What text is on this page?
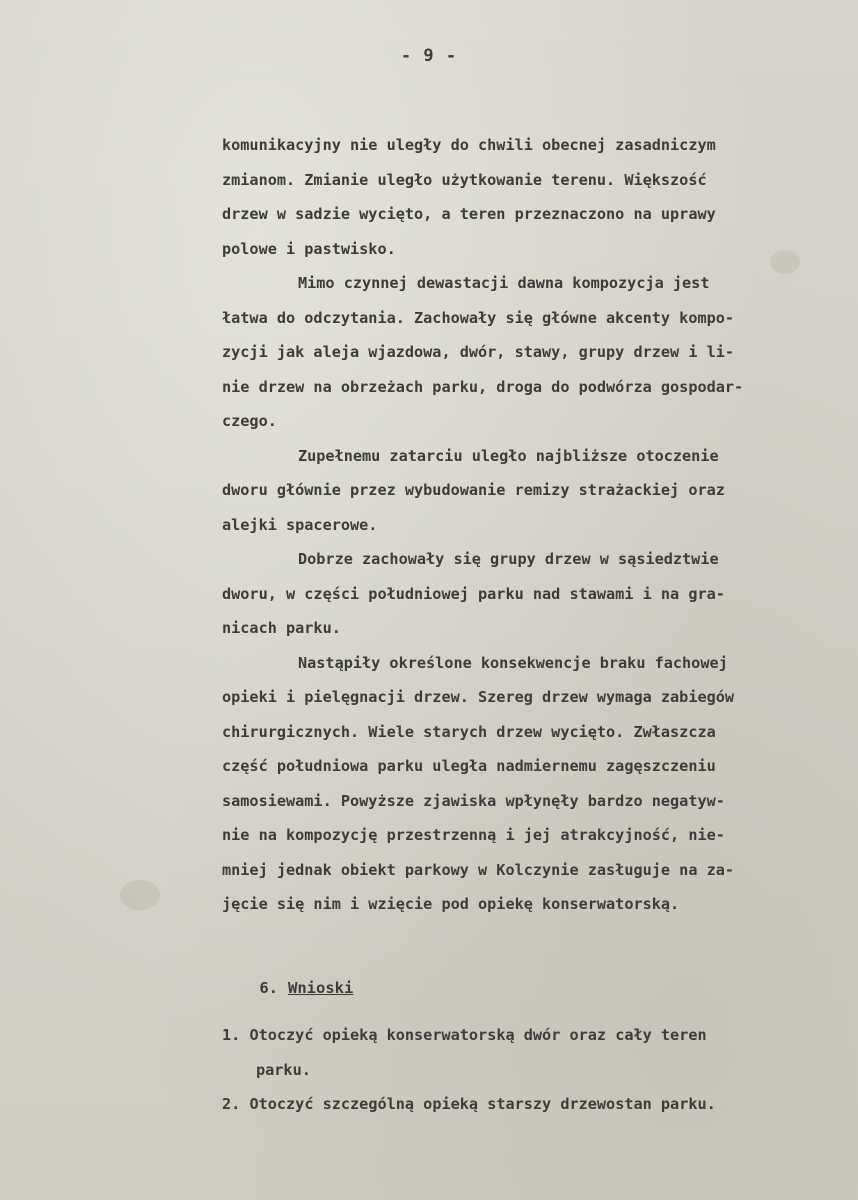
- 9 -
komunikacyjny nie uległy do chwili obecnej zasadniczym
zmianom. Zmianie uległo użytkowanie terenu. Większość
drzew w sadzie wycięto, a teren przeznaczono na uprawy
polowe i pastwisko.
Mimo czynnej dewastacji dawna kompozycja jest
łatwa do odczytania. Zachowały się główne akcenty kompo-
zycji jak aleja wjazdowa, dwór, stawy, grupy drzew i li-
nie drzew na obrzeżach parku, droga do podwórza gospodar-
czego.
Zupełnemu zatarciu uległo najbliższe otoczenie
dworu głównie przez wybudowanie remizy strażackiej oraz
alejki spacerowe.
Dobrze zachowały się grupy drzew w sąsiedztwie
dworu, w części południowej parku nad stawami i na gra-
nicach parku.
Nastąpiły określone konsekwencje braku fachowej
opieki i pielęgnacji drzew. Szereg drzew wymaga zabiegów
chirurgicznych. Wiele starych drzew wycięto. Zwłaszcza
część południowa parku uległa nadmiernemu zagęszczeniu
samosiewami. Powyższe zjawiska wpłynęły bardzo negatyw-
nie na kompozycję przestrzenną i jej atrakcyjność, nie-
mniej jednak obiekt parkowy w Kolczynie zasługuje na za-
jęcie się nim i wzięcie pod opiekę konserwatorską.

6. Wnioski

1. Otoczyć opieką konserwatorską dwór oraz cały teren
parku.
2. Otoczyć szczególną opieką starszy drzewostan parku.
